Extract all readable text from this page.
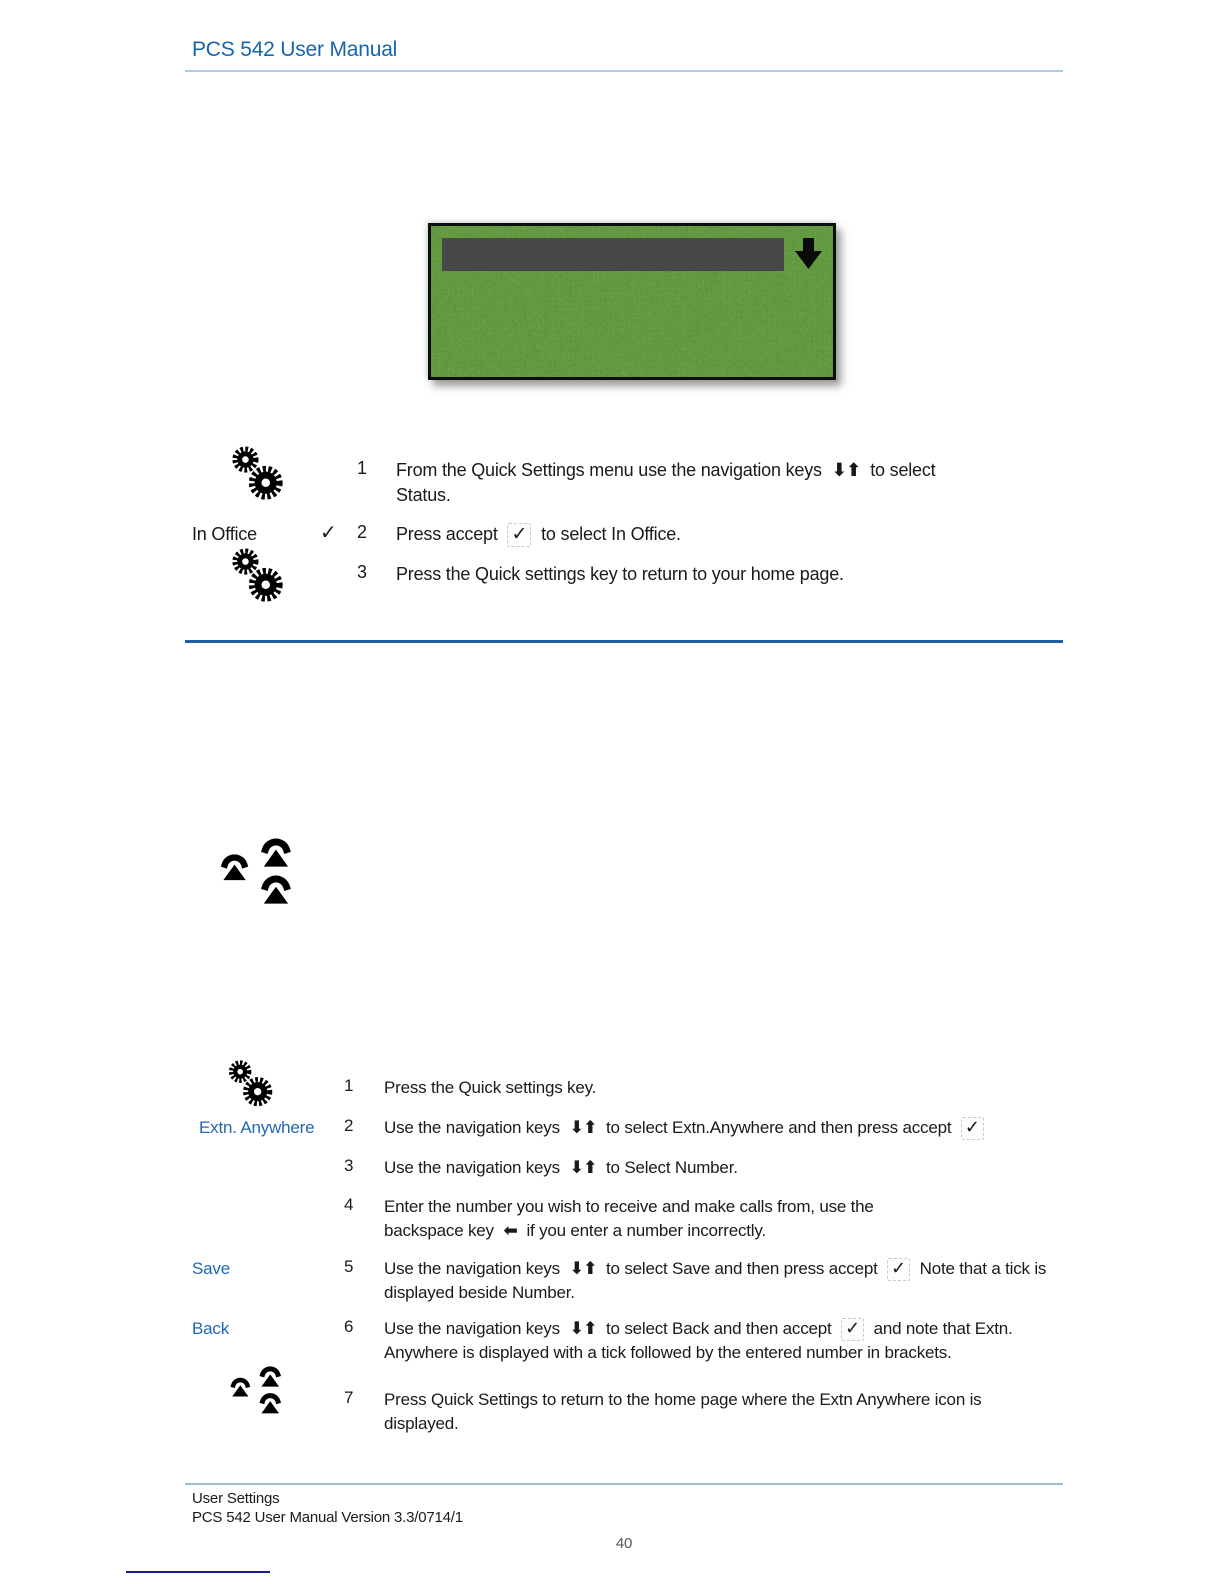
PCS 542 User Manual
1 From the Quick Settings menu use the navigation keys ⬇⬆ to select Status.

In Office	✓ 2 Press accept ✓ to select In Office.

3 Press the Quick settings key to return to your home page.

1 Press the Quick settings key.

Extn. Anywhere 2 Use the navigation keys ⬇⬆ to select Extn.Anywhere and then press accept ✓

3 Use the navigation keys ⬇⬆ to Select Number.

4 Enter the number you wish to receive and make calls from, use the backspace key ⬅ if you enter a number incorrectly.

Save	5 Use the navigation keys ⬇⬆ to select Save and then press accept ✓ Note that a tick is displayed beside Number.

Back	6 Use the navigation keys ⬇⬆ to select Back and then accept ✓ and note that Extn. Anywhere is displayed with a tick followed by the entered number in brackets.

7 Press Quick Settings to return to the home page where the Extn Anywhere icon is displayed.

User Settings
PCS 542 User Manual Version 3.3/0714/1
40
